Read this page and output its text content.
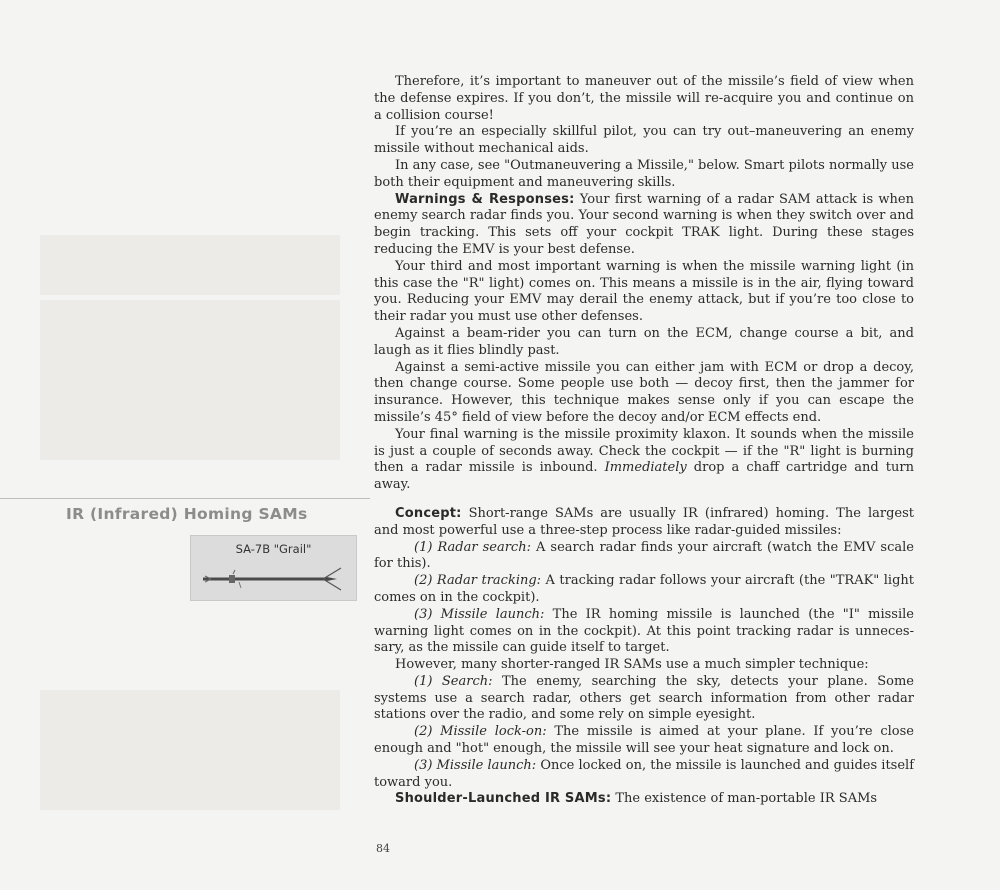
Therefore, it’s important to maneuver out of the missile’s field of view when the defense expires. If you don’t, the missile will re-acquire you and continue on a collision course!

If you’re an especially skillful pilot, you can try out–maneuvering an enemy missile without mechanical aids.

In any case, see "Outmaneuvering a Missile," below. Smart pilots normally use both their equipment and maneuvering skills.

Warnings & Responses: Your first warning of a radar SAM attack is when enemy search radar finds you. Your second warning is when they switch over and begin tracking. This sets off your cockpit TRAK light. During these stages reducing the EMV is your best defense.

Your third and most important warning is when the missile warning light (in this case the "R" light) comes on. This means a missile is in the air, flying toward you. Reducing your EMV may derail the enemy attack, but if you’re too close to their radar you must use other defenses.

Against a beam-rider you can turn on the ECM, change course a bit, and laugh as it flies blindly past.

Against a semi-active missile you can either jam with ECM or drop a decoy, then change course. Some people use both — decoy first, then the jammer for insurance. However, this technique makes sense only if you can escape the missile’s 45° field of view before the decoy and/or ECM effects end.

Your final warning is the missile proximity klaxon. It sounds when the missile is just a couple of seconds away. Check the cockpit — if the "R" light is burning then a radar missile is inbound. Immediately drop a chaff cartridge and turn away.

Concept: Short-range SAMs are usually IR (infrared) homing. The largest and most powerful use a three-step process like radar-guided missiles:

(1) Radar search: A search radar finds your aircraft (watch the EMV scale for this).

(2) Radar tracking: A tracking radar follows your aircraft (the "TRAK" light comes on in the cockpit).

(3) Missile launch: The IR homing missile is launched (the "I" missile warning light comes on in the cockpit). At this point tracking radar is unneces-sary, as the missile can guide itself to target.

However, many shorter-ranged IR SAMs use a much simpler technique:

(1) Search: The enemy, searching the sky, detects your plane. Some systems use a search radar, others get search information from other radar stations over the radio, and some rely on simple eyesight.

(2) Missile lock-on: The missile is aimed at your plane. If you’re close enough and "hot" enough, the missile will see your heat signature and lock on.

(3) Missile launch: Once locked on, the missile is launched and guides itself toward you.

Shoulder-Launched IR SAMs: The existence of man-portable IR SAMs

IR (Infrared) Homing SAMs
SA-7B "Grail"
84
